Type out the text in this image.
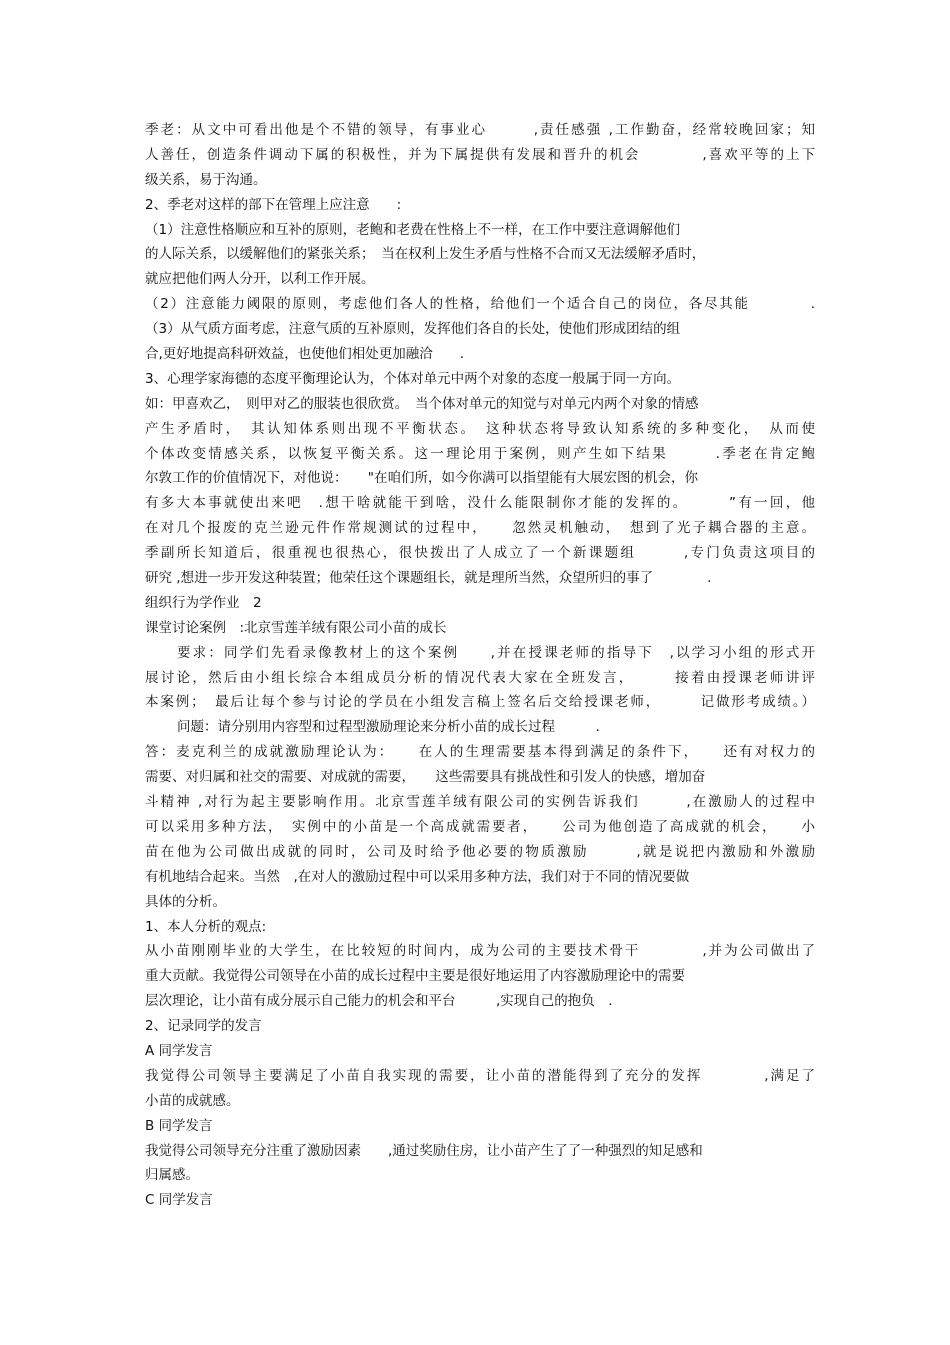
季老：从文中可看出他是个不错的领导，有事业心　　　,责任感强 ,工作勤奋，经常较晚回家；知
人善任，创造条件调动下属的积极性，并为下属提供有发展和晋升的机会　　　　,喜欢平等的上下
级关系，易于沟通。
2、季老对这样的部下在管理上应注意　　:
（1）注意性格顺应和互补的原则，老鲍和老费在性格上不一样，在工作中要注意调解他们
的人际关系，以缓解他们的紧张关系；　当在权利上发生矛盾与性格不合而又无法缓解矛盾时，
就应把他们两人分开，以利工作开展。
（2）注意能力阈限的原则，考虑他们各人的性格，给他们一个适合自己的岗位，各尽其能　　　　.
（3）从气质方面考虑，注意气质的互补原则，发挥他们各自的长处，使他们形成团结的组
合,更好地提高科研效益，也使他们相处更加融洽　　.
3、心理学家海德的态度平衡理论认为，个体对单元中两个对象的态度一般属于同一方向。
如：甲喜欢乙，　则甲对乙的服装也很欣赏。　当个体对单元的知觉与对单元内两个对象的情感
产生矛盾时，　其认知体系则出现不平衡状态。　这种状态将导致认知系统的多种变化，　从而使
个体改变情感关系，以恢复平衡关系。这一理论用于案例，则产生如下结果　　　.季老在肯定鲍
尔敦工作的价值情况下，对他说：　　"在咱们所，如今你满可以指望能有大展宏图的机会，你
有多大本事就使出来吧　.想干啥就能干到啥，没什么能限制你才能的发挥的。　　　”有一回，他
在对几个报废的克兰逊元件作常规测试的过程中，　　忽然灵机触动，　想到了光子耦合器的主意。
季副所长知道后，很重视也很热心，很快拨出了人成立了一个新课题组　　　,专门负责这项目的
研究 ,想进一步开发这种装置；他荣任这个课题组长，就是理所当然，众望所归的事了　　　　.
组织行为学作业　2
课堂讨论案例　:北京雪莲羊绒有限公司小苗的成长
要求：同学们先看录像教材上的这个案例　　,并在授课老师的指导下　,以学习小组的形式开
展讨论，然后由小组长综合本组成员分析的情况代表大家在全班发言，　　　接着由授课老师讲评
本案例；　最后让每个参与讨论的学员在小组发言稿上签名后交给授课老师，　　　记做形考成绩。）
问题：请分别用内容型和过程型激励理论来分析小苗的成长过程　　　.
答：麦克利兰的成就激励理论认为：　　在人的生理需要基本得到满足的条件下，　　还有对权力的
需要、对归属和社交的需要、对成就的需要，　　这些需要具有挑战性和引发人的快感，增加奋
斗精神 ,对行为起主要影响作用。北京雪莲羊绒有限公司的实例告诉我们　　　,在激励人的过程中
可以采用多种方法，　实例中的小苗是一个高成就需要者，　　公司为他创造了高成就的机会，　　小
苗在他为公司做出成就的同时，公司及时给予他必要的物质激励　　　,就是说把内激励和外激励
有机地结合起来。当然　,在对人的激励过程中可以采用多种方法，我们对于不同的情况要做
具体的分析。
1、本人分析的观点:
从小苗刚刚毕业的大学生，在比较短的时间内，成为公司的主要技术骨干　　　　,并为公司做出了
重大贡献。我觉得公司领导在小苗的成长过程中主要是很好地运用了内容激励理论中的需要
层次理论，让小苗有成分展示自己能力的机会和平台　　　,实现自己的抱负　.
2、记录同学的发言
A 同学发言
我觉得公司领导主要满足了小苗自我实现的需要，让小苗的潜能得到了充分的发挥　　　　,满足了
小苗的成就感。
B 同学发言
我觉得公司领导充分注重了激励因素　　,通过奖励住房，让小苗产生了了一种强烈的知足感和
归属感。
C 同学发言
